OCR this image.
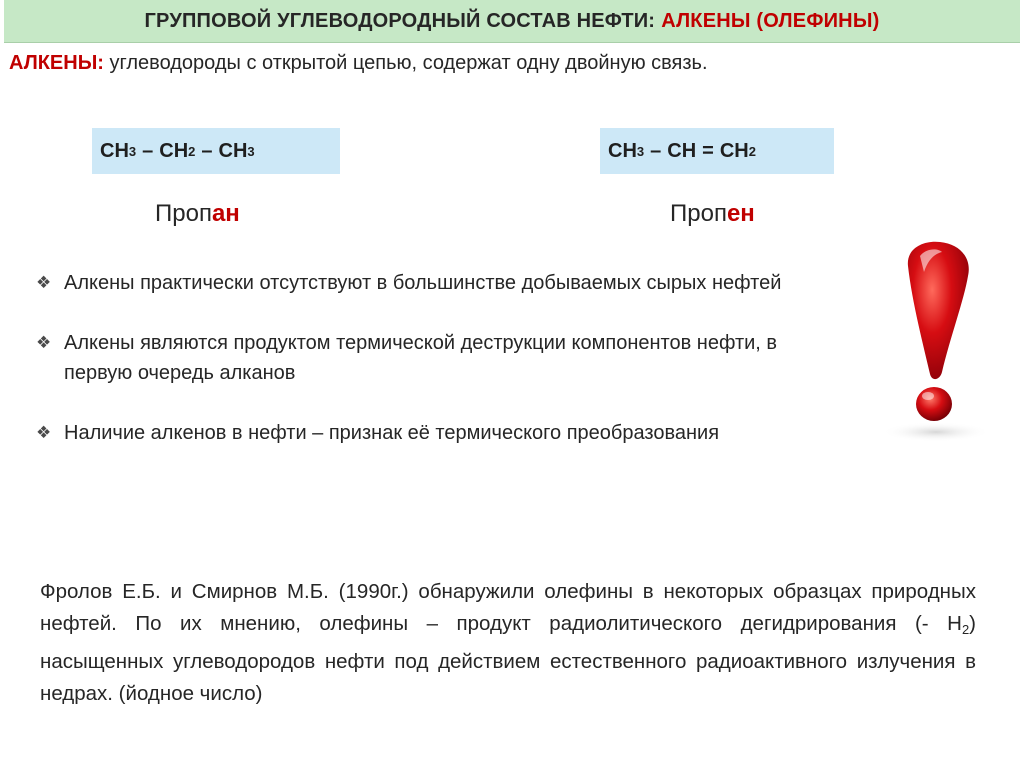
ГРУППОВОЙ УГЛЕВОДОРОДНЫЙ СОСТАВ НЕФТИ: АЛКЕНЫ (ОЛЕФИНЫ)
АЛКЕНЫ: углеводороды с открытой цепью, содержат одну двойную связь.
CH 3 – CH 2 – CH 3	CH 3 – CH = CH 2
Пропан	Пропен
❖ Алкены практически отсутствуют в большинстве добываемых сырых нефтей
❖ Алкены являются продуктом термической деструкции компонентов нефти, в первую очередь алканов
❖ Наличие алкенов в нефти – признак её термического преобразования
Фролов Е.Б. и Смирнов М.Б. (1990г.) обнаружили олефины в некоторых образцах природных нефтей. По их мнению, олефины – продукт радиолитического дегидрирования (- $H_2$) насыщенных углеводородов нефти под действием естественного радиоактивного излучения в недрах. (йодное число)
